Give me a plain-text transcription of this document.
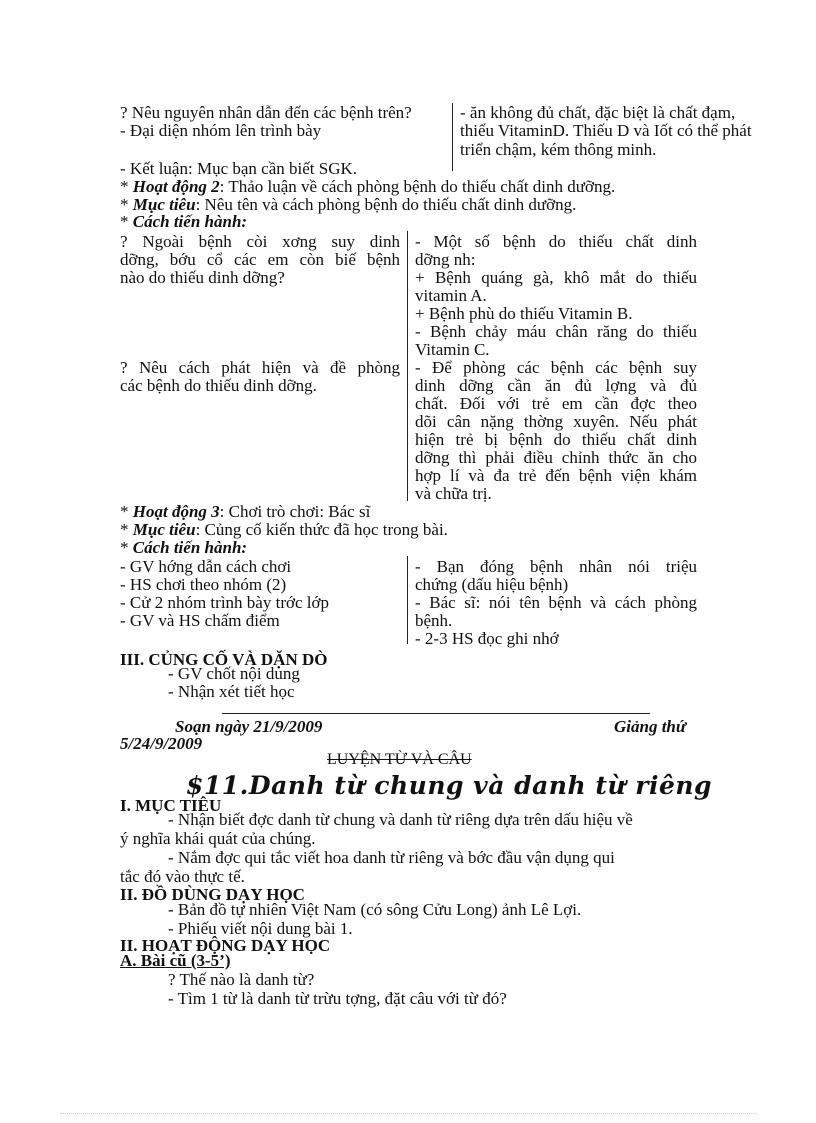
? Nêu nguyên nhân dẫn đến các bệnh trên?
- Đại diện nhóm lên trình bày
- ăn không đủ chất, đặc biệt là chất đạm,
thiếu VitaminD. Thiếu D và Iốt có thể phát
triển chậm, kém thông minh.
- Kết luận: Mục bạn cần biết SGK.
* Hoạt động 2: Thảo luận về cách phòng bệnh do thiếu chất dinh dưỡng.
* Mục tiêu: Nêu tên và cách phòng bệnh do thiếu chất dinh dưỡng.
* Cách tiến hành:
? Ngoài bệnh còi xơng suy dinh
dỡng, bớu cổ các em còn biế bệnh
nào do thiếu dinh dỡng?
? Nêu cách phát hiện và đề phòng
các bệnh do thiếu dinh dỡng.
- Một số bệnh do thiếu chất dinh
dỡng nh:
+ Bệnh quáng gà, khô mắt do thiếu
vitamin A.
+ Bệnh phù do thiếu Vitamin B.
- Bệnh chảy máu chân răng do thiếu
Vitamin C.
- Để phòng các bệnh các bệnh suy
dinh dỡng cần ăn đủ lợng và đủ
chất. Đối với trẻ em cần đợc theo
dõi cân nặng thờng xuyên. Nếu phát
hiện trẻ bị bệnh do thiếu chất dinh
dỡng thì phải điều chỉnh thức ăn cho
hợp lí và đa trẻ đến bệnh viện khám
và chữa trị.
* Hoạt động 3: Chơi trò chơi: Bác sĩ
* Mục tiêu: Củng cố kiến thức đã học trong bài.
* Cách tiến hành:
- GV hớng dẫn cách chơi
- HS chơi theo nhóm (2)
- Cử 2 nhóm trình bày trớc lớp
- GV và HS chấm điểm
- Bạn đóng bệnh nhân nói triệu
chứng (dấu hiệu bệnh)
- Bác sĩ: nói tên bệnh và cách phòng
bệnh.
- 2-3 HS đọc ghi nhớ
III. CỦNG CỐ VÀ DẶN DÒ
- GV chốt nội dung
- Nhận xét tiết học
Soạn ngày 21/9/2009	Giảng thứ
5/24/9/2009
LUYỆN TỪ VÀ CÂU
$11.Danh từ chung và danh từ riêng
I. MỤC TIÊU
- Nhận biết đợc danh từ chung và danh từ riêng dựa trên dấu hiệu về
ý nghĩa khái quát của chúng.
- Nắm đợc qui tắc viết hoa danh từ riêng và bớc đầu vận dụng qui
tắc đó vào thực tế.
II. ĐỒ DÙNG DẠY HỌC
- Bản đồ tự nhiên Việt Nam (có sông Cửu Long) ảnh Lê Lợi.
- Phiếu viết nội dung bài 1.
II. HOẠT ĐỘNG DẠY HỌC
A. Bài cũ (3-5’)
? Thế nào là danh từ?
- Tìm 1 từ là danh từ trừu tợng, đặt câu với từ đó?
